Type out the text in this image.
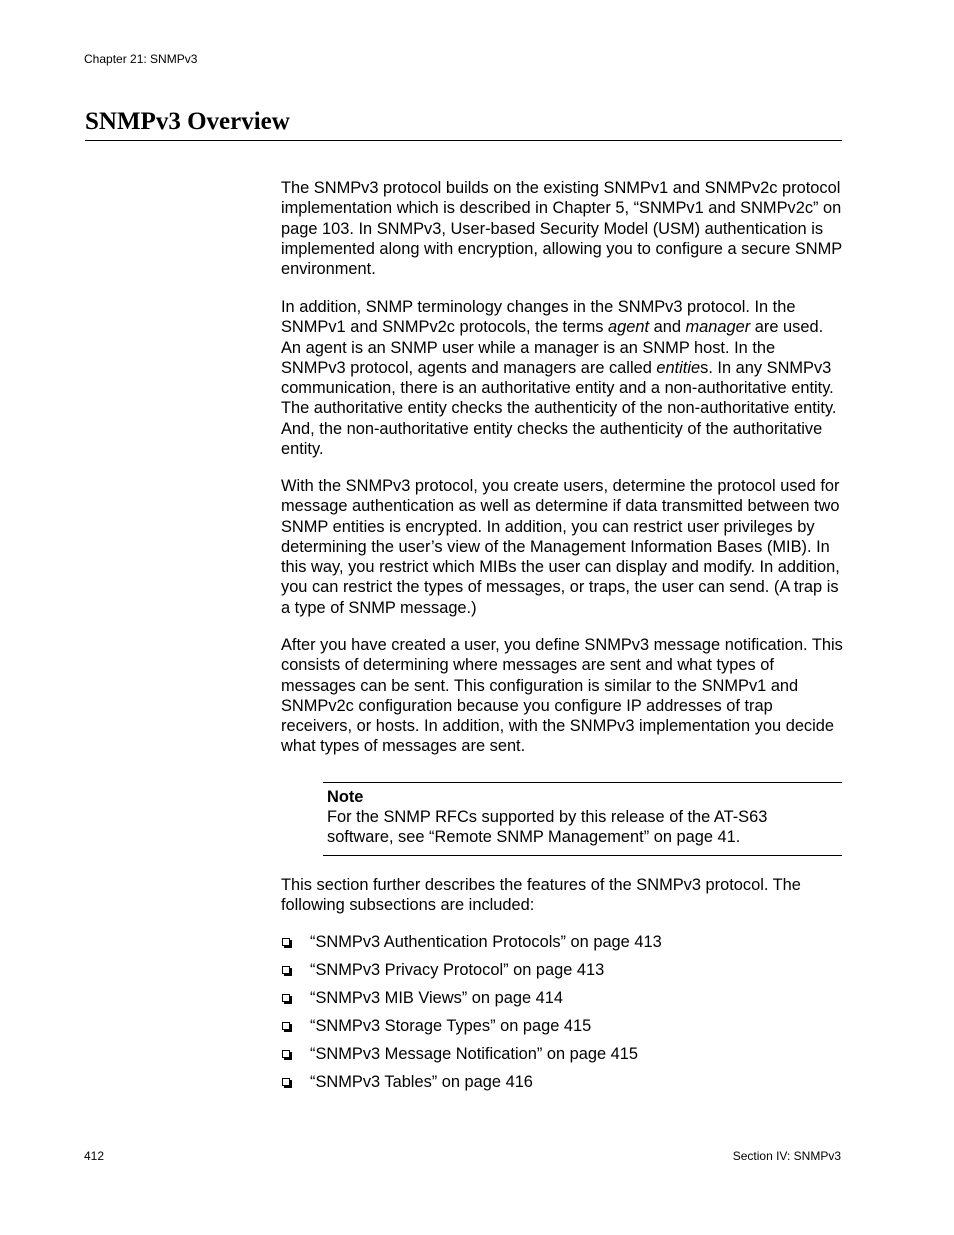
Chapter 21: SNMPv3
SNMPv3 Overview

The SNMPv3 protocol builds on the existing SNMPv1 and SNMPv2c protocol implementation which is described in Chapter 5, “SNMPv1 and SNMPv2c” on page 103. In SNMPv3, User-based Security Model (USM) authentication is implemented along with encryption, allowing you to configure a secure SNMP environment.

In addition, SNMP terminology changes in the SNMPv3 protocol. In the SNMPv1 and SNMPv2c protocols, the terms agent and manager are used. An agent is an SNMP user while a manager is an SNMP host. In the SNMPv3 protocol, agents and managers are called entities. In any SNMPv3 communication, there is an authoritative entity and a non-authoritative entity. The authoritative entity checks the authenticity of the non-authoritative entity. And, the non-authoritative entity checks the authenticity of the authoritative entity.

With the SNMPv3 protocol, you create users, determine the protocol used for message authentication as well as determine if data transmitted between two SNMP entities is encrypted. In addition, you can restrict user privileges by determining the user’s view of the Management Information Bases (MIB). In this way, you restrict which MIBs the user can display and modify. In addition, you can restrict the types of messages, or traps, the user can send. (A trap is a type of SNMP message.)

After you have created a user, you define SNMPv3 message notification. This consists of determining where messages are sent and what types of messages can be sent. This configuration is similar to the SNMPv1 and SNMPv2c configuration because you configure IP addresses of trap receivers, or hosts. In addition, with the SNMPv3 implementation you decide what types of messages are sent.

Note
For the SNMP RFCs supported by this release of the AT-S63 software, see “Remote SNMP Management” on page 41.

This section further describes the features of the SNMPv3 protocol. The following subsections are included:

“SNMPv3 Authentication Protocols” on page 413
“SNMPv3 Privacy Protocol” on page 413
“SNMPv3 MIB Views” on page 414
“SNMPv3 Storage Types” on page 415
“SNMPv3 Message Notification” on page 415
“SNMPv3 Tables” on page 416
412	Section IV: SNMPv3
